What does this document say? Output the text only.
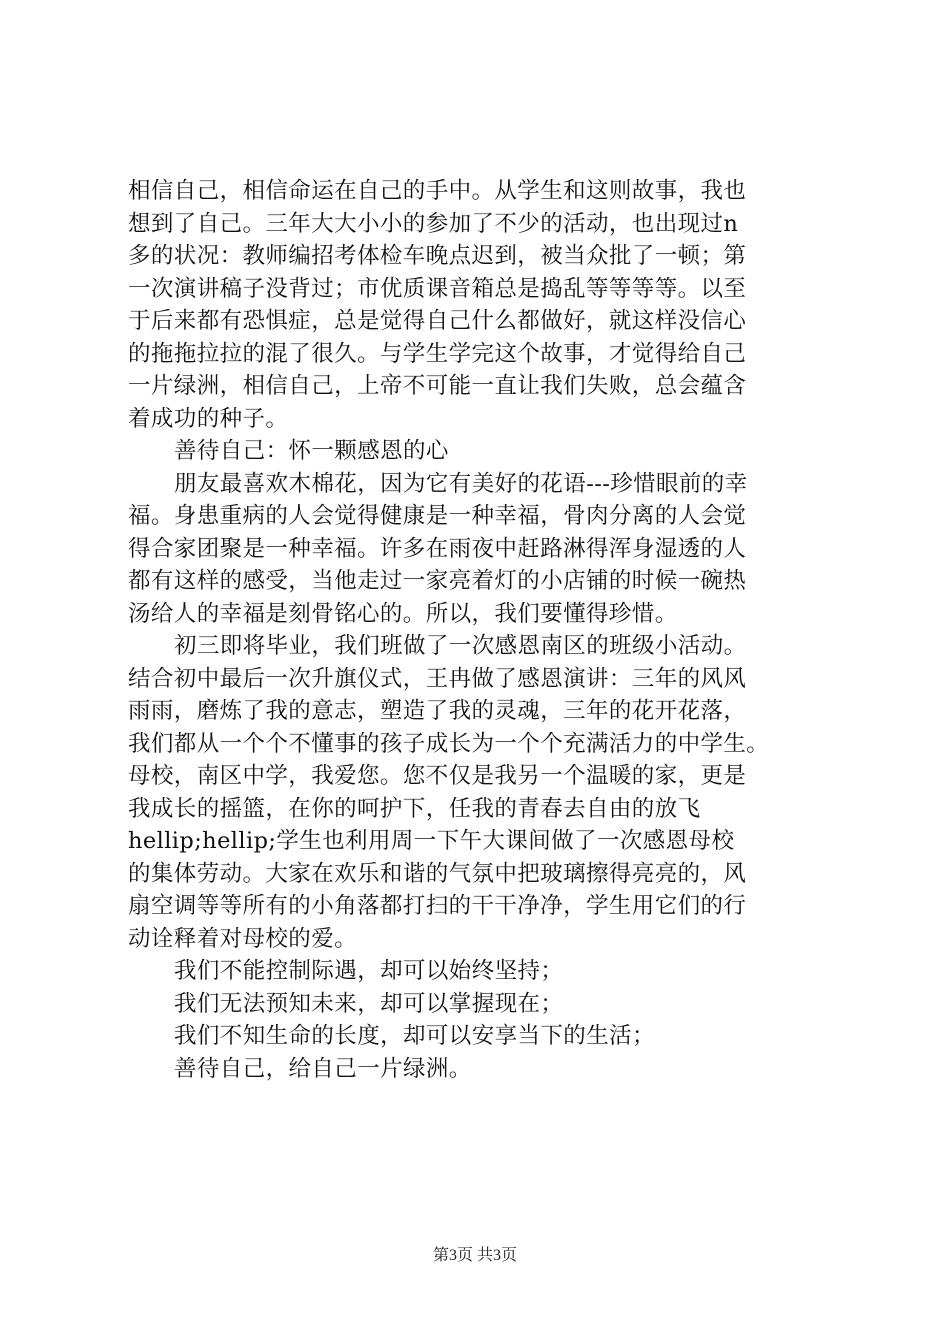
相信自己，相信命运在自己的手中。从学生和这则故事，我也
想到了自己。三年大大小小的参加了不少的活动，也出现过n
多的状况：教师编招考体检车晚点迟到，被当众批了一顿；第
一次演讲稿子没背过；市优质课音箱总是捣乱等等等等。以至
于后来都有恐惧症，总是觉得自己什么都做好，就这样没信心
的拖拖拉拉的混了很久。与学生学完这个故事，才觉得给自己
一片绿洲，相信自己，上帝不可能一直让我们失败，总会蕴含
着成功的种子。
善待自己：怀一颗感恩的心
朋友最喜欢木棉花，因为它有美好的花语---珍惜眼前的幸
福。身患重病的人会觉得健康是一种幸福，骨肉分离的人会觉
得合家团聚是一种幸福。许多在雨夜中赶路淋得浑身湿透的人
都有这样的感受，当他走过一家亮着灯的小店铺的时候一碗热
汤给人的幸福是刻骨铭心的。所以，我们要懂得珍惜。
初三即将毕业，我们班做了一次感恩南区的班级小活动。
结合初中最后一次升旗仪式，王冉做了感恩演讲：三年的风风
雨雨，磨炼了我的意志，塑造了我的灵魂，三年的花开花落，
我们都从一个个不懂事的孩子成长为一个个充满活力的中学生。
母校，南区中学，我爱您。您不仅是我另一个温暖的家，更是
我成长的摇篮，在你的呵护下，任我的青春去自由的放飞
hellip;hellip;学生也利用周一下午大课间做了一次感恩母校
的集体劳动。大家在欢乐和谐的气氛中把玻璃擦得亮亮的，风
扇空调等等所有的小角落都打扫的干干净净，学生用它们的行
动诠释着对母校的爱。
我们不能控制际遇，却可以始终坚持；
我们无法预知未来，却可以掌握现在；
我们不知生命的长度，却可以安享当下的生活；
善待自己，给自己一片绿洲。
第3页 共3页
